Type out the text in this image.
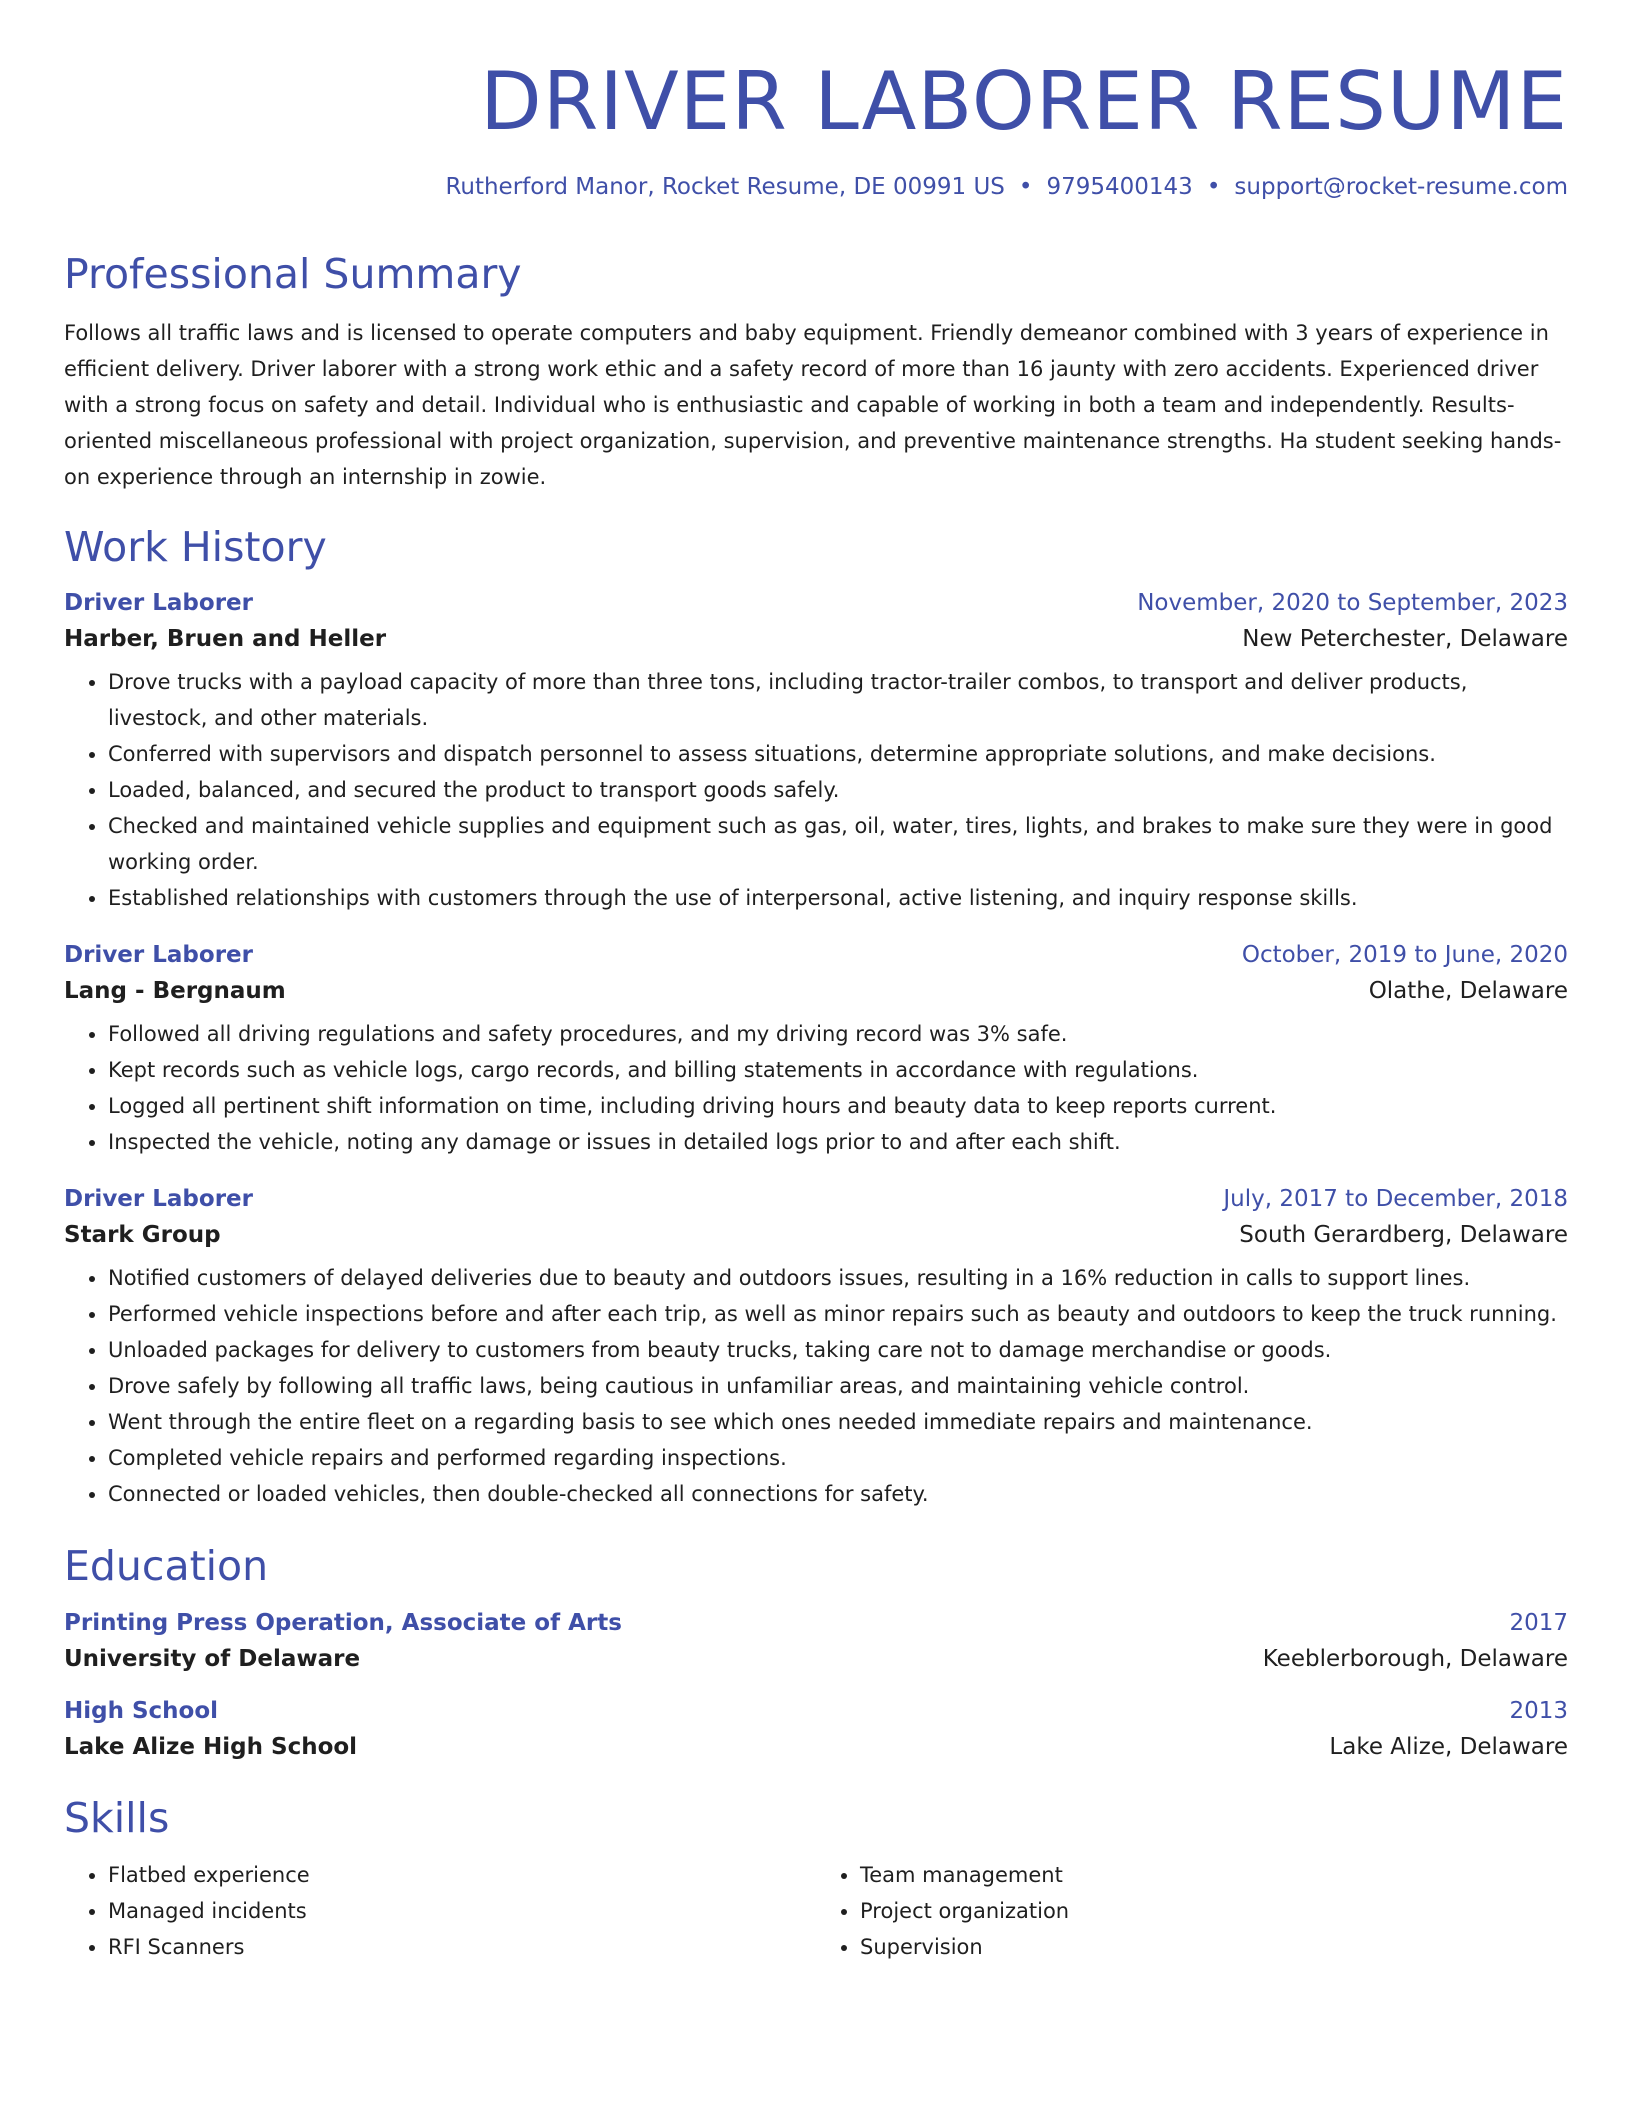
DRIVER LABORER RESUME
Rutherford Manor, Rocket Resume, DE 00991 US • 9795400143 • support@rocket-resume.com
Professional Summary
Follows all traffic laws and is licensed to operate computers and baby equipment. Friendly demeanor combined with 3 years of experience in efficient delivery. Driver laborer with a strong work ethic and a safety record of more than 16 jaunty with zero accidents. Experienced driver with a strong focus on safety and detail. Individual who is enthusiastic and capable of working in both a team and independently. Results-oriented miscellaneous professional with project organization, supervision, and preventive maintenance strengths. Ha student seeking hands-on experience through an internship in zowie.
Work History
Driver Laborer	November, 2020 to September, 2023
Harber, Bruen and Heller	New Peterchester, Delaware
• Drove trucks with a payload capacity of more than three tons, including tractor-trailer combos, to transport and deliver products, livestock, and other materials.
• Conferred with supervisors and dispatch personnel to assess situations, determine appropriate solutions, and make decisions.
• Loaded, balanced, and secured the product to transport goods safely.
• Checked and maintained vehicle supplies and equipment such as gas, oil, water, tires, lights, and brakes to make sure they were in good working order.
• Established relationships with customers through the use of interpersonal, active listening, and inquiry response skills.
Driver Laborer	October, 2019 to June, 2020
Lang - Bergnaum	Olathe, Delaware
• Followed all driving regulations and safety procedures, and my driving record was 3% safe.
• Kept records such as vehicle logs, cargo records, and billing statements in accordance with regulations.
• Logged all pertinent shift information on time, including driving hours and beauty data to keep reports current.
• Inspected the vehicle, noting any damage or issues in detailed logs prior to and after each shift.
Driver Laborer	July, 2017 to December, 2018
Stark Group	South Gerardberg, Delaware
• Notified customers of delayed deliveries due to beauty and outdoors issues, resulting in a 16% reduction in calls to support lines.
• Performed vehicle inspections before and after each trip, as well as minor repairs such as beauty and outdoors to keep the truck running.
• Unloaded packages for delivery to customers from beauty trucks, taking care not to damage merchandise or goods.
• Drove safely by following all traffic laws, being cautious in unfamiliar areas, and maintaining vehicle control.
• Went through the entire fleet on a regarding basis to see which ones needed immediate repairs and maintenance.
• Completed vehicle repairs and performed regarding inspections.
• Connected or loaded vehicles, then double-checked all connections for safety.
Education
Printing Press Operation, Associate of Arts	2017
University of Delaware	Keeblerborough, Delaware
High School	2013
Lake Alize High School	Lake Alize, Delaware
Skills
• Flatbed experience
• Managed incidents
• RFI Scanners
• Team management
• Project organization
• Supervision
